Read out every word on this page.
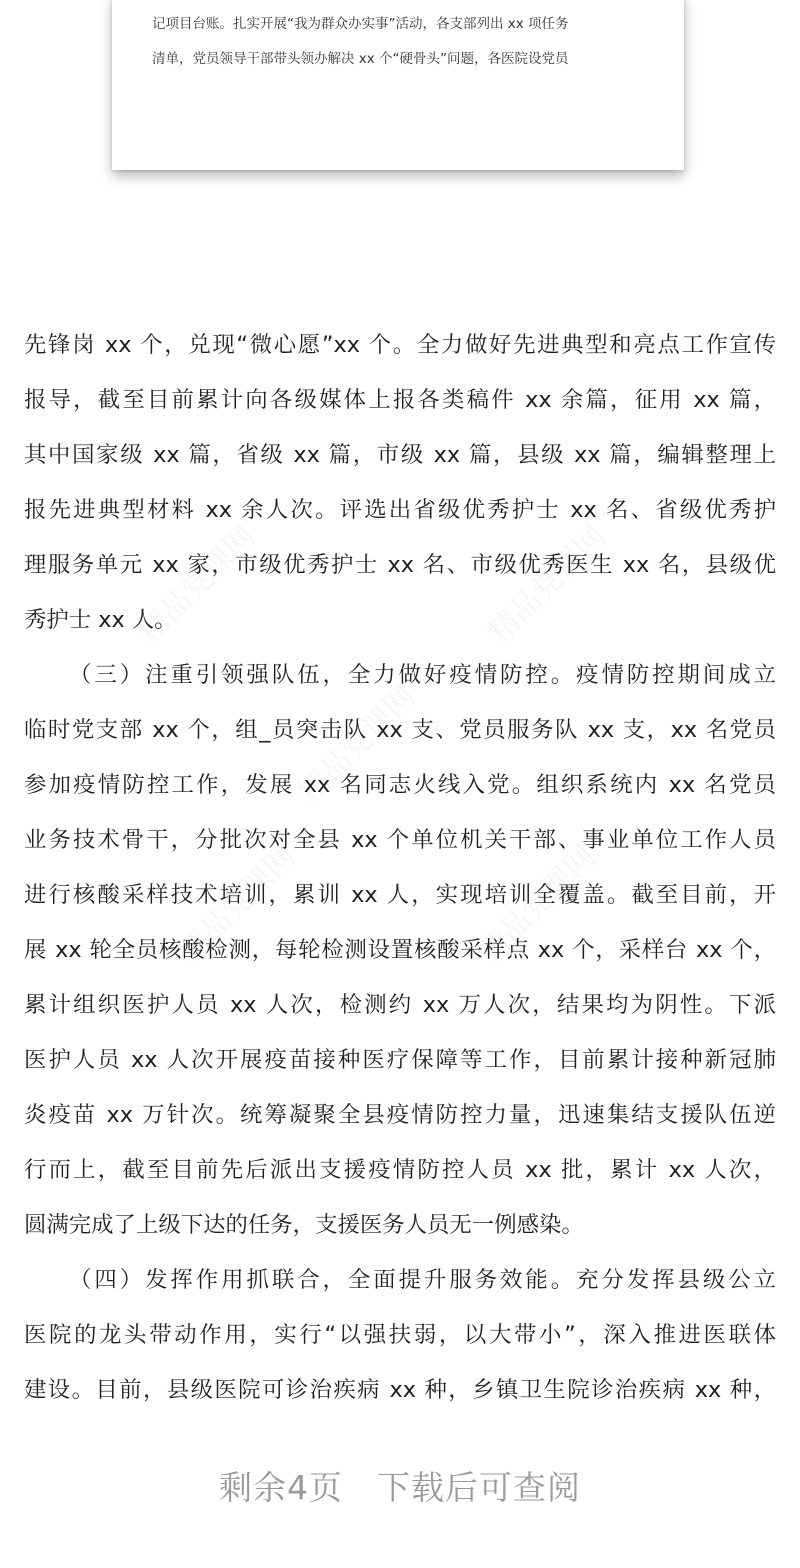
记项目台账。扎实开展“我为群众办实事”活动，各支部列出 xx 项任务
清单，党员领导干部带头领办解决 xx 个“硬骨头”问题，各医院设党员
精品党课网	精品党课网
精品党课网
精品党课网	精品党课网
先锋岗 xx 个，兑现“微心愿”xx 个。全力做好先进典型和亮点工作宣传
报导，截至目前累计向各级媒体上报各类稿件 xx 余篇，征用 xx 篇，
其中国家级 xx 篇，省级 xx 篇，市级 xx 篇，县级 xx 篇，编辑整理上
报先进典型材料 xx 余人次。评选出省级优秀护士 xx 名、省级优秀护
理服务单元 xx 家，市级优秀护士 xx 名、市级优秀医生 xx 名，县级优
秀护士 xx 人。
（三）注重引领强队伍，全力做好疫情防控。疫情防控期间成立
临时党支部 xx 个，组_员突击队 xx 支、党员服务队 xx 支，xx 名党员
参加疫情防控工作，发展 xx 名同志火线入党。组织系统内 xx 名党员
业务技术骨干，分批次对全县 xx 个单位机关干部、事业单位工作人员
进行核酸采样技术培训，累训 xx 人，实现培训全覆盖。截至目前，开
展 xx 轮全员核酸检测，每轮检测设置核酸采样点 xx 个，采样台 xx 个，
累计组织医护人员 xx 人次，检测约 xx 万人次，结果均为阴性。下派
医护人员 xx 人次开展疫苗接种医疗保障等工作，目前累计接种新冠肺
炎疫苗 xx 万针次。统筹凝聚全县疫情防控力量，迅速集结支援队伍逆
行而上，截至目前先后派出支援疫情防控人员 xx 批，累计 xx 人次，
圆满完成了上级下达的任务，支援医务人员无一例感染。
（四）发挥作用抓联合，全面提升服务效能。充分发挥县级公立
医院的龙头带动作用，实行“以强扶弱，以大带小”，深入推进医联体
建设。目前，县级医院可诊治疾病 xx 种，乡镇卫生院诊治疾病 xx 种，
剩余4页　下载后可查阅
